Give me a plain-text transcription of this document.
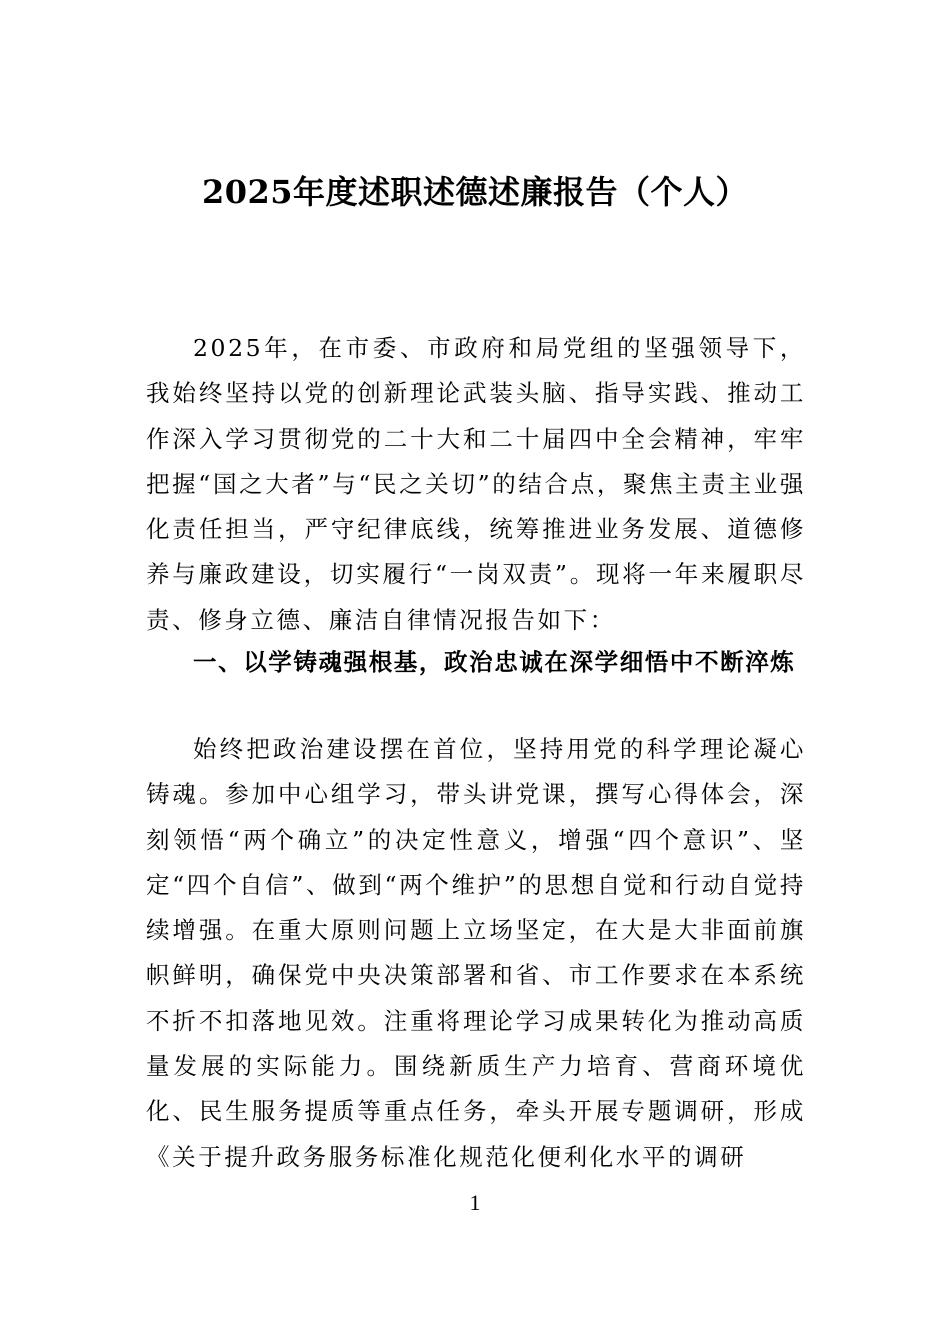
2025年度述职述德述廉报告（个人）

2025年，在市委、市政府和局党组的坚强领导下，我始终坚持以党的创新理论武装头脑、指导实践、推动工作深入学习贯彻党的二十大和二十届四中全会精神，牢牢把握“国之大者”与“民之关切”的结合点，聚焦主责主业强化责任担当，严守纪律底线，统筹推进业务发展、道德修养与廉政建设，切实履行“一岗双责”。现将一年来履职尽责、修身立德、廉洁自律情况报告如下：

一、以学铸魂强根基，政治忠诚在深学细悟中不断淬炼

始终把政治建设摆在首位，坚持用党的科学理论凝心铸魂。参加中心组学习，带头讲党课，撰写心得体会，深刻领悟“两个确立”的决定性意义，增强“四个意识”、坚定“四个自信”、做到“两个维护”的思想自觉和行动自觉持续增强。在重大原则问题上立场坚定，在大是大非面前旗帜鲜明，确保党中央决策部署和省、市工作要求在本系统不折不扣落地见效。注重将理论学习成果转化为推动高质量发展的实际能力。围绕新质生产力培育、营商环境优化、民生服务提质等重点任务，牵头开展专题调研，形成《关于提升政务服务标准化规范化便利化水平的调研

1
